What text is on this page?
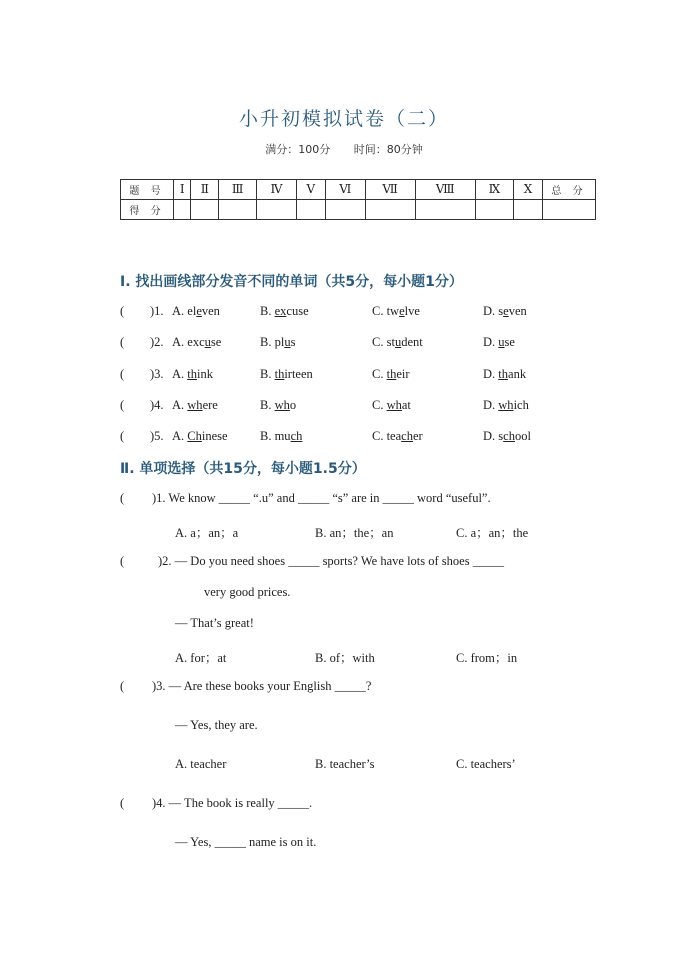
小升初模拟试卷（二）
满分：100分 时间：80分钟
题 号	Ⅰ	Ⅱ	Ⅲ	Ⅳ	Ⅴ	Ⅵ	Ⅶ	Ⅷ	Ⅸ	Ⅹ	总 分
得 分											
Ⅰ. 找出画线部分发音不同的单词（共5分，每小题1分）
( )1. A. eleven	B. excuse	C. twelve	D. seven
( )2. A. excuse	B. plus	C. student	D. use
( )3. A. think	B. thirteen	C. their	D. thank
( )4. A. where	B. who	C. what	D. which
( )5. A. Chinese	B. much	C. teacher	D. school
Ⅱ. 单项选择（共15分，每小题1.5分）
( )1. We know _____ “.u” and _____ “s” are in _____ word “useful”.
A. a；an；a	B. an；the；an	C. a；an；the
(	)2. — Do you need shoes _____ sports? We have lots of shoes _____
very good prices.
— That’s great!
A. for；at	B. of；with	C. from；in
( )3. — Are these books your English _____?
— Yes, they are.
A. teacher	B. teacher’s	C. teachers’
( )4. — The book is really _____.
— Yes, _____ name is on it.
